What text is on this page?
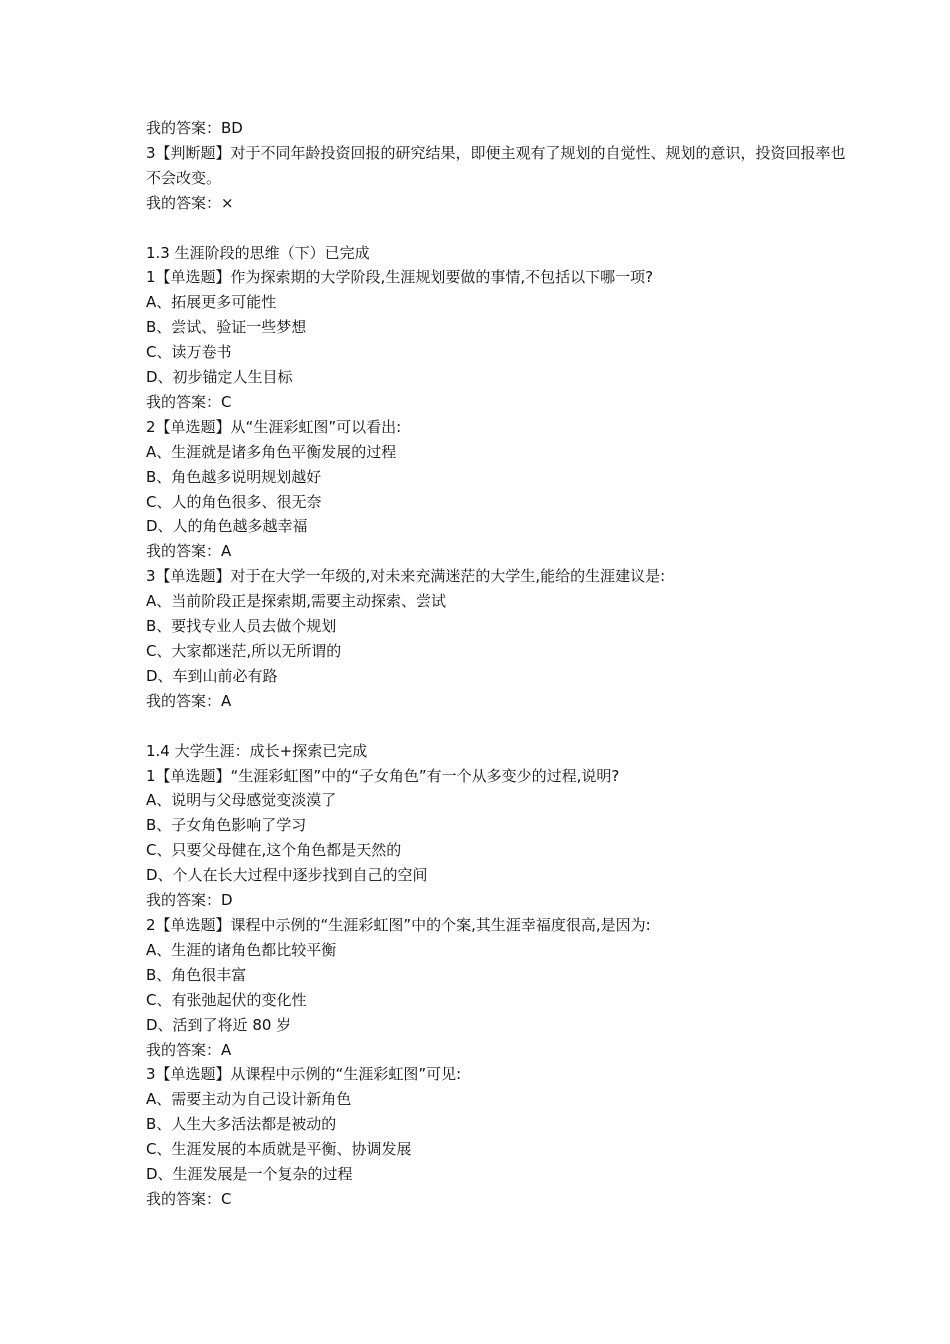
我的答案：BD
3【判断题】对于不同年龄投资回报的研究结果，即便主观有了规划的自觉性、规划的意识，投资回报率也不会改变。
我的答案：×
1.3 生涯阶段的思维（下）已完成
1【单选题】作为探索期的大学阶段,生涯规划要做的事情,不包括以下哪一项?
A、拓展更多可能性
B、尝试、验证一些梦想
C、读万卷书
D、初步锚定人生目标
我的答案：C
2【单选题】从“生涯彩虹图”可以看出:
A、生涯就是诸多角色平衡发展的过程
B、角色越多说明规划越好
C、人的角色很多、很无奈
D、人的角色越多越幸福
我的答案：A
3【单选题】对于在大学一年级的,对未来充满迷茫的大学生,能给的生涯建议是:
A、当前阶段正是探索期,需要主动探索、尝试
B、要找专业人员去做个规划
C、大家都迷茫,所以无所谓的
D、车到山前必有路
我的答案：A
1.4 大学生涯：成长+探索已完成
1【单选题】“生涯彩虹图”中的“子女角色”有一个从多变少的过程,说明?
A、说明与父母感觉变淡漠了
B、子女角色影响了学习
C、只要父母健在,这个角色都是天然的
D、个人在长大过程中逐步找到自己的空间
我的答案：D
2【单选题】课程中示例的“生涯彩虹图”中的个案,其生涯幸福度很高,是因为:
A、生涯的诸角色都比较平衡
B、角色很丰富
C、有张弛起伏的变化性
D、活到了将近 80 岁
我的答案：A
3【单选题】从课程中示例的“生涯彩虹图”可见:
A、需要主动为自己设计新角色
B、人生大多活法都是被动的
C、生涯发展的本质就是平衡、协调发展
D、生涯发展是一个复杂的过程
我的答案：C
